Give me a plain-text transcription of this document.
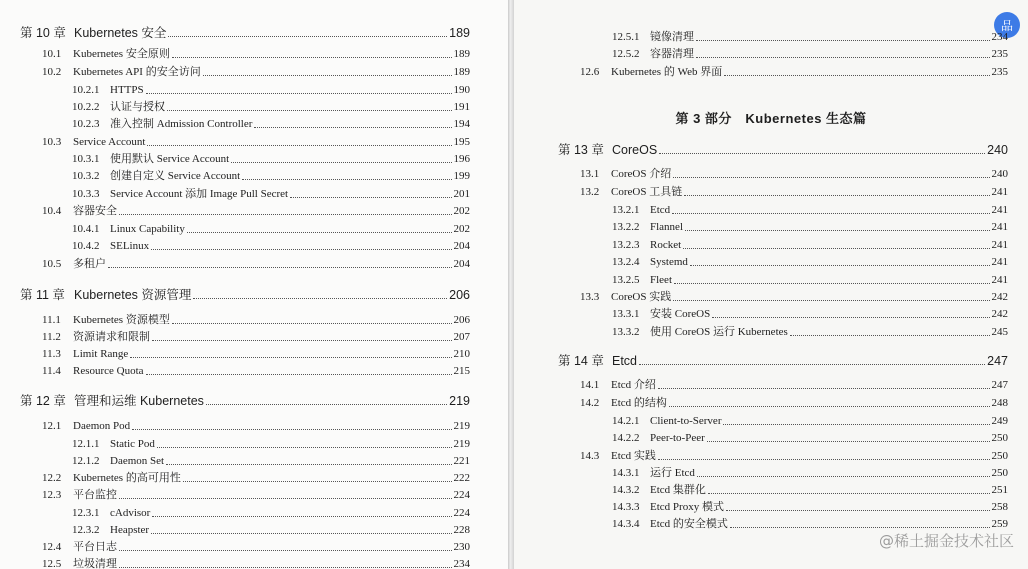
第 10 章 Kubernetes 安全	189
10.1	Kubernetes 安全原则	189
10.2	Kubernetes API 的安全访问	189
10.2.1 HTTPS	190
10.2.2 认证与授权	191
10.2.3 准入控制 Admission Controller	194
10.3	Service Account	195
10.3.1 使用默认 Service Account	196
10.3.2 创建自定义 Service Account	199
10.3.3 Service Account 添加 Image Pull Secret	201
10.4	容器安全	202
10.4.1 Linux Capability	202
10.4.2 SELinux	204
10.5	多租户	204
第 11 章 Kubernetes 资源管理	206
11.1	Kubernetes 资源模型	206
11.2	资源请求和限制	207
11.3	Limit Range	210
11.4	Resource Quota	215
第 12 章 管理和运维 Kubernetes	219
12.1	Daemon Pod	219
12.1.1 Static Pod	219
12.1.2 Daemon Set	221
12.2	Kubernetes 的高可用性	222
12.3	平台监控	224
12.3.1 cAdvisor	224
12.3.2 Heapster	228
12.4	平台日志	230
12.5	垃圾清理	234
第 3 部分　Kubernetes 生态篇
@稀土掘金技术社区
品
12.5.1 镜像清理	234
12.5.2 容器清理	235
12.6	Kubernetes 的 Web 界面	235
第 13 章 CoreOS	240
13.1	CoreOS 介绍	240
13.2	CoreOS 工具链	241
13.2.1 Etcd	241
13.2.2 Flannel	241
13.2.3 Rocket	241
13.2.4 Systemd	241
13.2.5 Fleet	241
13.3	CoreOS 实践	242
13.3.1 安装 CoreOS	242
13.3.2 使用 CoreOS 运行 Kubernetes	245
第 14 章 Etcd	247
14.1	Etcd 介绍	247
14.2	Etcd 的结构	248
14.2.1 Client-to-Server	249
14.2.2 Peer-to-Peer	250
14.3	Etcd 实践	250
14.3.1 运行 Etcd	250
14.3.2 Etcd 集群化	251
14.3.3 Etcd Proxy 模式	258
14.3.4 Etcd 的安全模式	259
